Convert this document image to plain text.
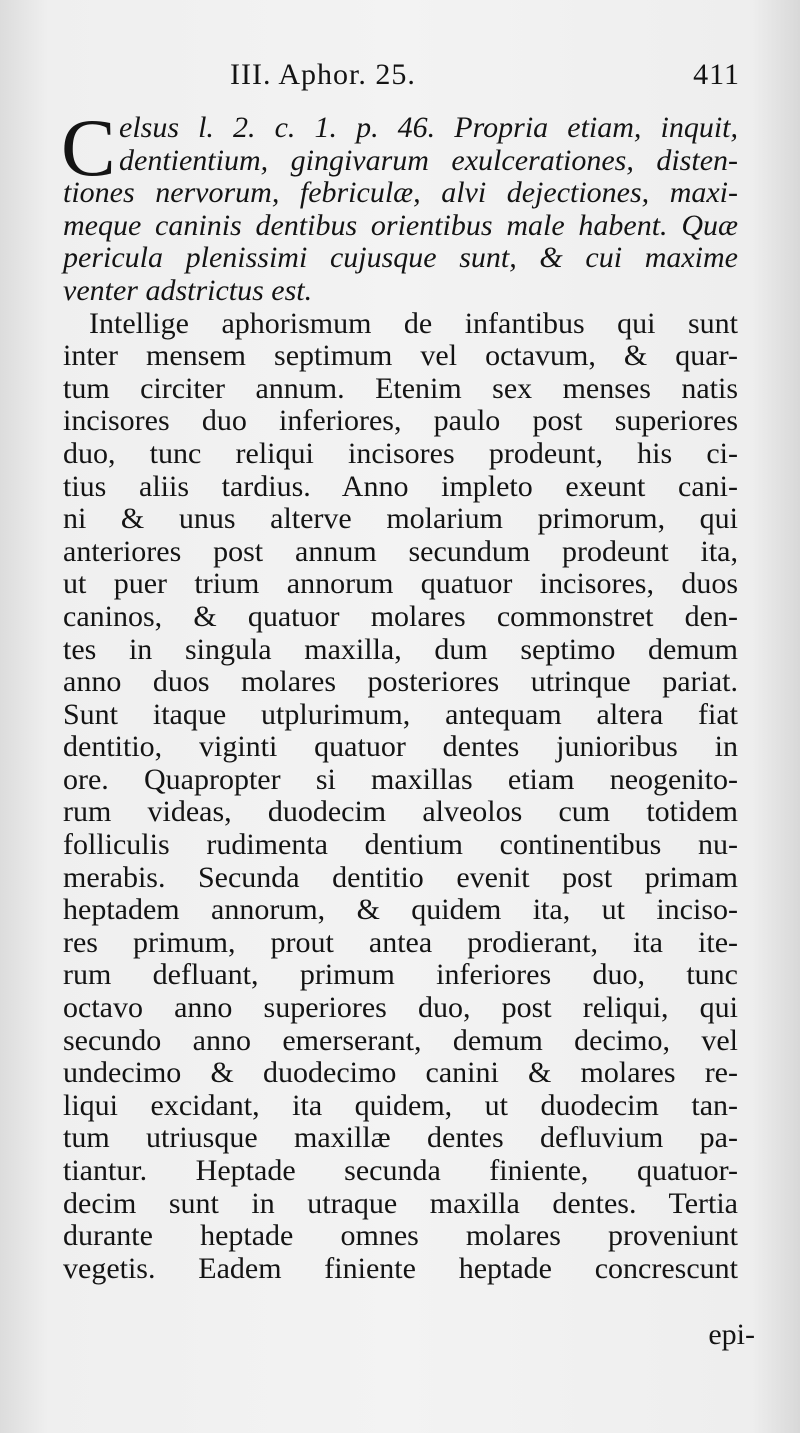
III. Aphor. 25.	411
C elsus l. 2. c. 1. p. 46. Propria etiam, inquit,
dentientium, gingivarum exulcerationes, disten-
tiones nervorum, febriculæ, alvi dejectiones, maxi-
meque caninis dentibus orientibus male habent. Quæ
pericula plenissimi cujusque sunt, & cui maxime
venter adstrictus est.
Intellige aphorismum de infantibus qui sunt
inter mensem septimum vel octavum, & quar-
tum circiter annum. Etenim sex menses natis
incisores duo inferiores, paulo post superiores
duo, tunc reliqui incisores prodeunt, his ci-
tius aliis tardius. Anno impleto exeunt cani-
ni & unus alterve molarium primorum, qui
anteriores post annum secundum prodeunt ita,
ut puer trium annorum quatuor incisores, duos
caninos, & quatuor molares commonstret den-
tes in singula maxilla, dum septimo demum
anno duos molares posteriores utrinque pariat.
Sunt itaque utplurimum, antequam altera fiat
dentitio, viginti quatuor dentes junioribus in
ore. Quapropter si maxillas etiam neogenito-
rum videas, duodecim alveolos cum totidem
folliculis rudimenta dentium continentibus nu-
merabis. Secunda dentitio evenit post primam
heptadem annorum, & quidem ita, ut inciso-
res primum, prout antea prodierant, ita ite-
rum defluant, primum inferiores duo, tunc
octavo anno superiores duo, post reliqui, qui
secundo anno emerserant, demum decimo, vel
undecimo & duodecimo canini & molares re-
liqui excidant, ita quidem, ut duodecim tan-
tum utriusque maxillæ dentes defluvium pa-
tiantur. Heptade secunda finiente, quatuor-
decim sunt in utraque maxilla dentes. Tertia
durante heptade omnes molares proveniunt
vegetis. Eadem finiente heptade concrescunt
epi-
